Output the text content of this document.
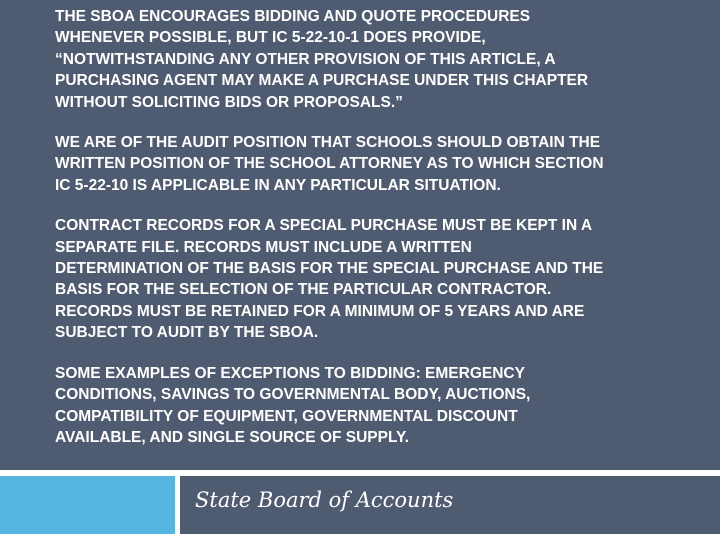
THE SBOA ENCOURAGES BIDDING AND QUOTE PROCEDURES
WHENEVER POSSIBLE, BUT IC 5-22-10-1 DOES PROVIDE,
“NOTWITHSTANDING ANY OTHER PROVISION OF THIS ARTICLE, A
PURCHASING AGENT MAY MAKE A PURCHASE UNDER THIS CHAPTER
WITHOUT SOLICITING BIDS OR PROPOSALS.”

WE ARE OF THE AUDIT POSITION THAT SCHOOLS SHOULD OBTAIN THE
WRITTEN POSITION OF THE SCHOOL ATTORNEY AS TO WHICH SECTION
IC 5-22-10 IS APPLICABLE IN ANY PARTICULAR SITUATION.

CONTRACT RECORDS FOR A SPECIAL PURCHASE MUST BE KEPT IN A
SEPARATE FILE. RECORDS MUST INCLUDE A WRITTEN
DETERMINATION OF THE BASIS FOR THE SPECIAL PURCHASE AND THE
BASIS FOR THE SELECTION OF THE PARTICULAR CONTRACTOR.
RECORDS MUST BE RETAINED FOR A MINIMUM OF 5 YEARS AND ARE
SUBJECT TO AUDIT BY THE SBOA.

SOME EXAMPLES OF EXCEPTIONS TO BIDDING: EMERGENCY
CONDITIONS, SAVINGS TO GOVERNMENTAL BODY, AUCTIONS,
COMPATIBILITY OF EQUIPMENT, GOVERNMENTAL DISCOUNT
AVAILABLE, AND SINGLE SOURCE OF SUPPLY.

State Board of Accounts
